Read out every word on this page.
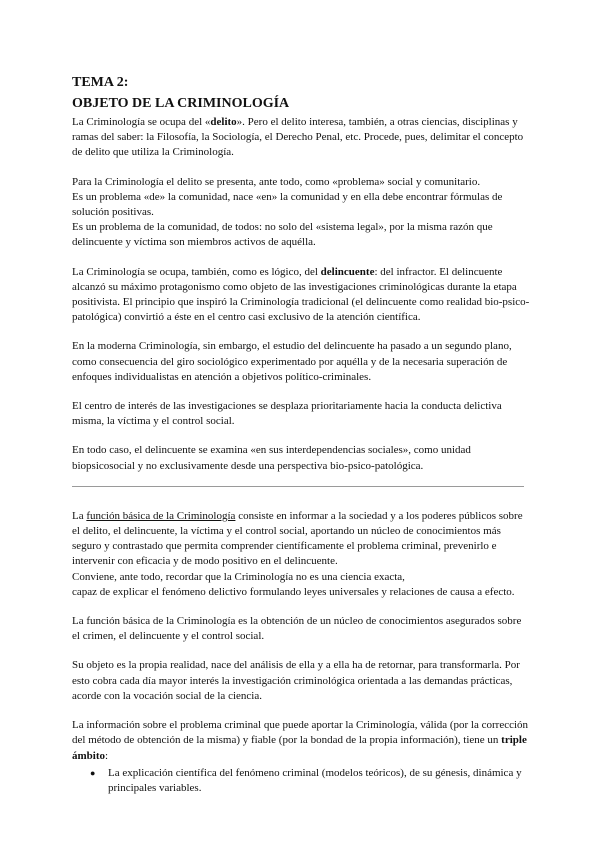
TEMA 2:
OBJETO DE LA CRIMINOLOGÍA

La Criminología se ocupa del «delito». Pero el delito interesa, también, a otras ciencias, disciplinas y ramas del saber: la Filosofía, la Sociología, el Derecho Penal, etc. Procede, pues, delimitar el concepto de delito que utiliza la Criminología.

Para la Criminología el delito se presenta, ante todo, como «problema» social y comunitario.
Es un problema «de» la comunidad, nace «en» la comunidad y en ella debe encontrar fórmulas de solución positivas.
Es un problema de la comunidad, de todos: no solo del «sistema legal», por la misma razón que delincuente y víctima son miembros activos de aquélla.

La Criminología se ocupa, también, como es lógico, del delincuente: del infractor. El delincuente alcanzó su máximo protagonismo como objeto de las investigaciones criminológicas durante la etapa positivista. El principio que inspiró la Criminología tradicional (el delincuente como realidad bio-psico-patológica) convirtió a éste en el centro casi exclusivo de la atención científica.

En la moderna Criminología, sin embargo, el estudio del delincuente ha pasado a un segundo plano, como consecuencia del giro sociológico experimentado por aquélla y de la necesaria superación de enfoques individualistas en atención a objetivos político-criminales.

El centro de interés de las investigaciones se desplaza prioritariamente hacia la conducta delictiva misma, la víctima y el control social.

En todo caso, el delincuente se examina «en sus interdependencias sociales», como unidad biopsicosocial y no exclusivamente desde una perspectiva bio-psico-patológica.

La función básica de la Criminología consiste en informar a la sociedad y a los poderes públicos sobre el delito, el delincuente, la víctima y el control social, aportando un núcleo de conocimientos más seguro y contrastado que permita comprender científicamente el problema criminal, prevenirlo e intervenir con eficacia y de modo positivo en el delincuente.
Conviene, ante todo, recordar que la Criminología no es una ciencia exacta,
capaz de explicar el fenómeno delictivo formulando leyes universales y relaciones de causa a efecto.

La función básica de la Criminología es la obtención de un núcleo de conocimientos asegurados sobre el crimen, el delincuente y el control social.

Su objeto es la propia realidad, nace del análisis de ella y a ella ha de retornar, para transformarla. Por esto cobra cada día mayor interés la investigación criminológica orientada a las demandas prácticas, acorde con la vocación social de la ciencia.

La información sobre el problema criminal que puede aportar la Criminología, válida (por la corrección del método de obtención de la misma) y fiable (por la bondad de la propia información), tiene un triple ámbito:

● La explicación científica del fenómeno criminal (modelos teóricos), de su génesis, dinámica y principales variables.
